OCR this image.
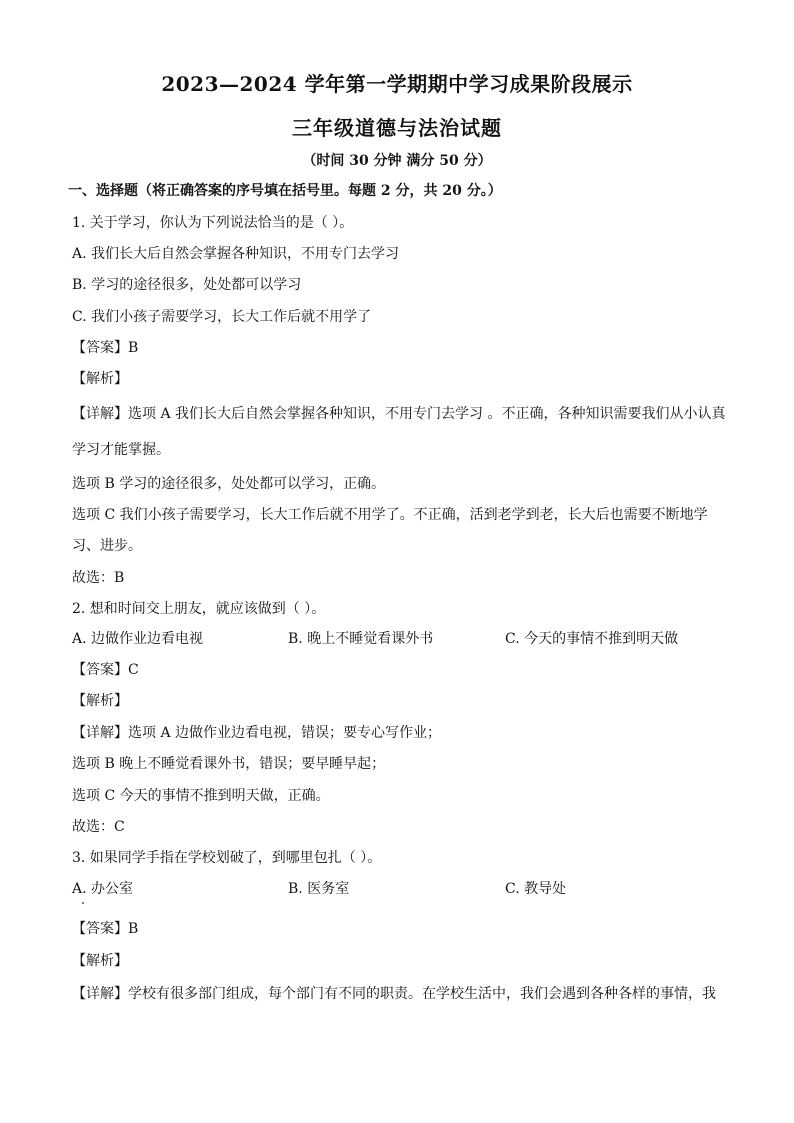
2023—2024 学年第一学期期中学习成果阶段展示
三年级道德与法治试题
（时间 30 分钟 满分 50 分）
一、选择题（将正确答案的序号填在括号里。每题 2 分，共 20 分。）
1. 关于学习，你认为下列说法恰当的是（ ）。
A. 我们长大后自然会掌握各种知识，不用专门去学习
B. 学习的途径很多，处处都可以学习
C. 我们小孩子需要学习，长大工作后就不用学了
【答案】B
【解析】
【详解】选项 A 我们长大后自然会掌握各种知识，不用专门去学习 。不正确，各种知识需要我们从小认真
学习才能掌握。
选项 B 学习的途径很多，处处都可以学习，正确。
选项 C 我们小孩子需要学习，长大工作后就不用学了。不正确，活到老学到老，长大后也需要不断地学
习、进步。
故选：B
2. 想和时间交上朋友，就应该做到（ ）。
A. 边做作业边看电视	B. 晚上不睡觉看课外书	C. 今天的事情不推到明天做
【答案】C
【解析】
【详解】选项 A 边做作业边看电视，错误；要专心写作业；
选项 B 晚上不睡觉看课外书，错误；要早睡早起；
选项 C 今天的事情不推到明天做，正确。
故选：C
3. 如果同学手指在学校划破了，到哪里包扎（ ）。
A. 办公室	B. 医务室	C. 教导处
【答案】B
【解析】
【详解】学校有很多部门组成，每个部门有不同的职责。在学校生活中，我们会遇到各种各样的事情，我
